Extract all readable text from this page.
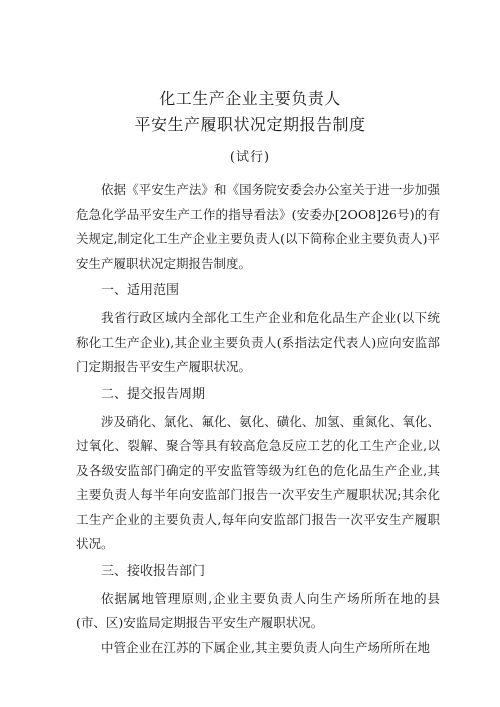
化工生产企业主要负责人

平安生产履职状况定期报告制度

(试行)

依据《平安生产法》和《国务院安委会办公室关于进一步加强危急化学品平安生产工作的指导看法》(安委办[2OO8]26号)的有关规定,制定化工生产企业主要负责人(以下简称企业主要负责人)平安生产履职状况定期报告制度。

一、适用范围

我省行政区域内全部化工生产企业和危化品生产企业(以下统称化工生产企业),其企业主要负责人(系指法定代表人)应向安监部门定期报告平安生产履职状况。

二、提交报告周期

涉及硝化、氯化、氟化、氨化、磺化、加氢、重氮化、氧化、过氧化、裂解、聚合等具有较高危急反应工艺的化工生产企业,以及各级安监部门确定的平安监管等级为红色的危化品生产企业,其主要负责人每半年向安监部门报告一次平安生产履职状况;其余化工生产企业的主要负责人,每年向安监部门报告一次平安生产履职状况。

三、接收报告部门

依据属地管理原则,企业主要负责人向生产场所所在地的县(市、区)安监局定期报告平安生产履职状况。

中管企业在江苏的下属企业,其主要负责人向生产场所所在地
